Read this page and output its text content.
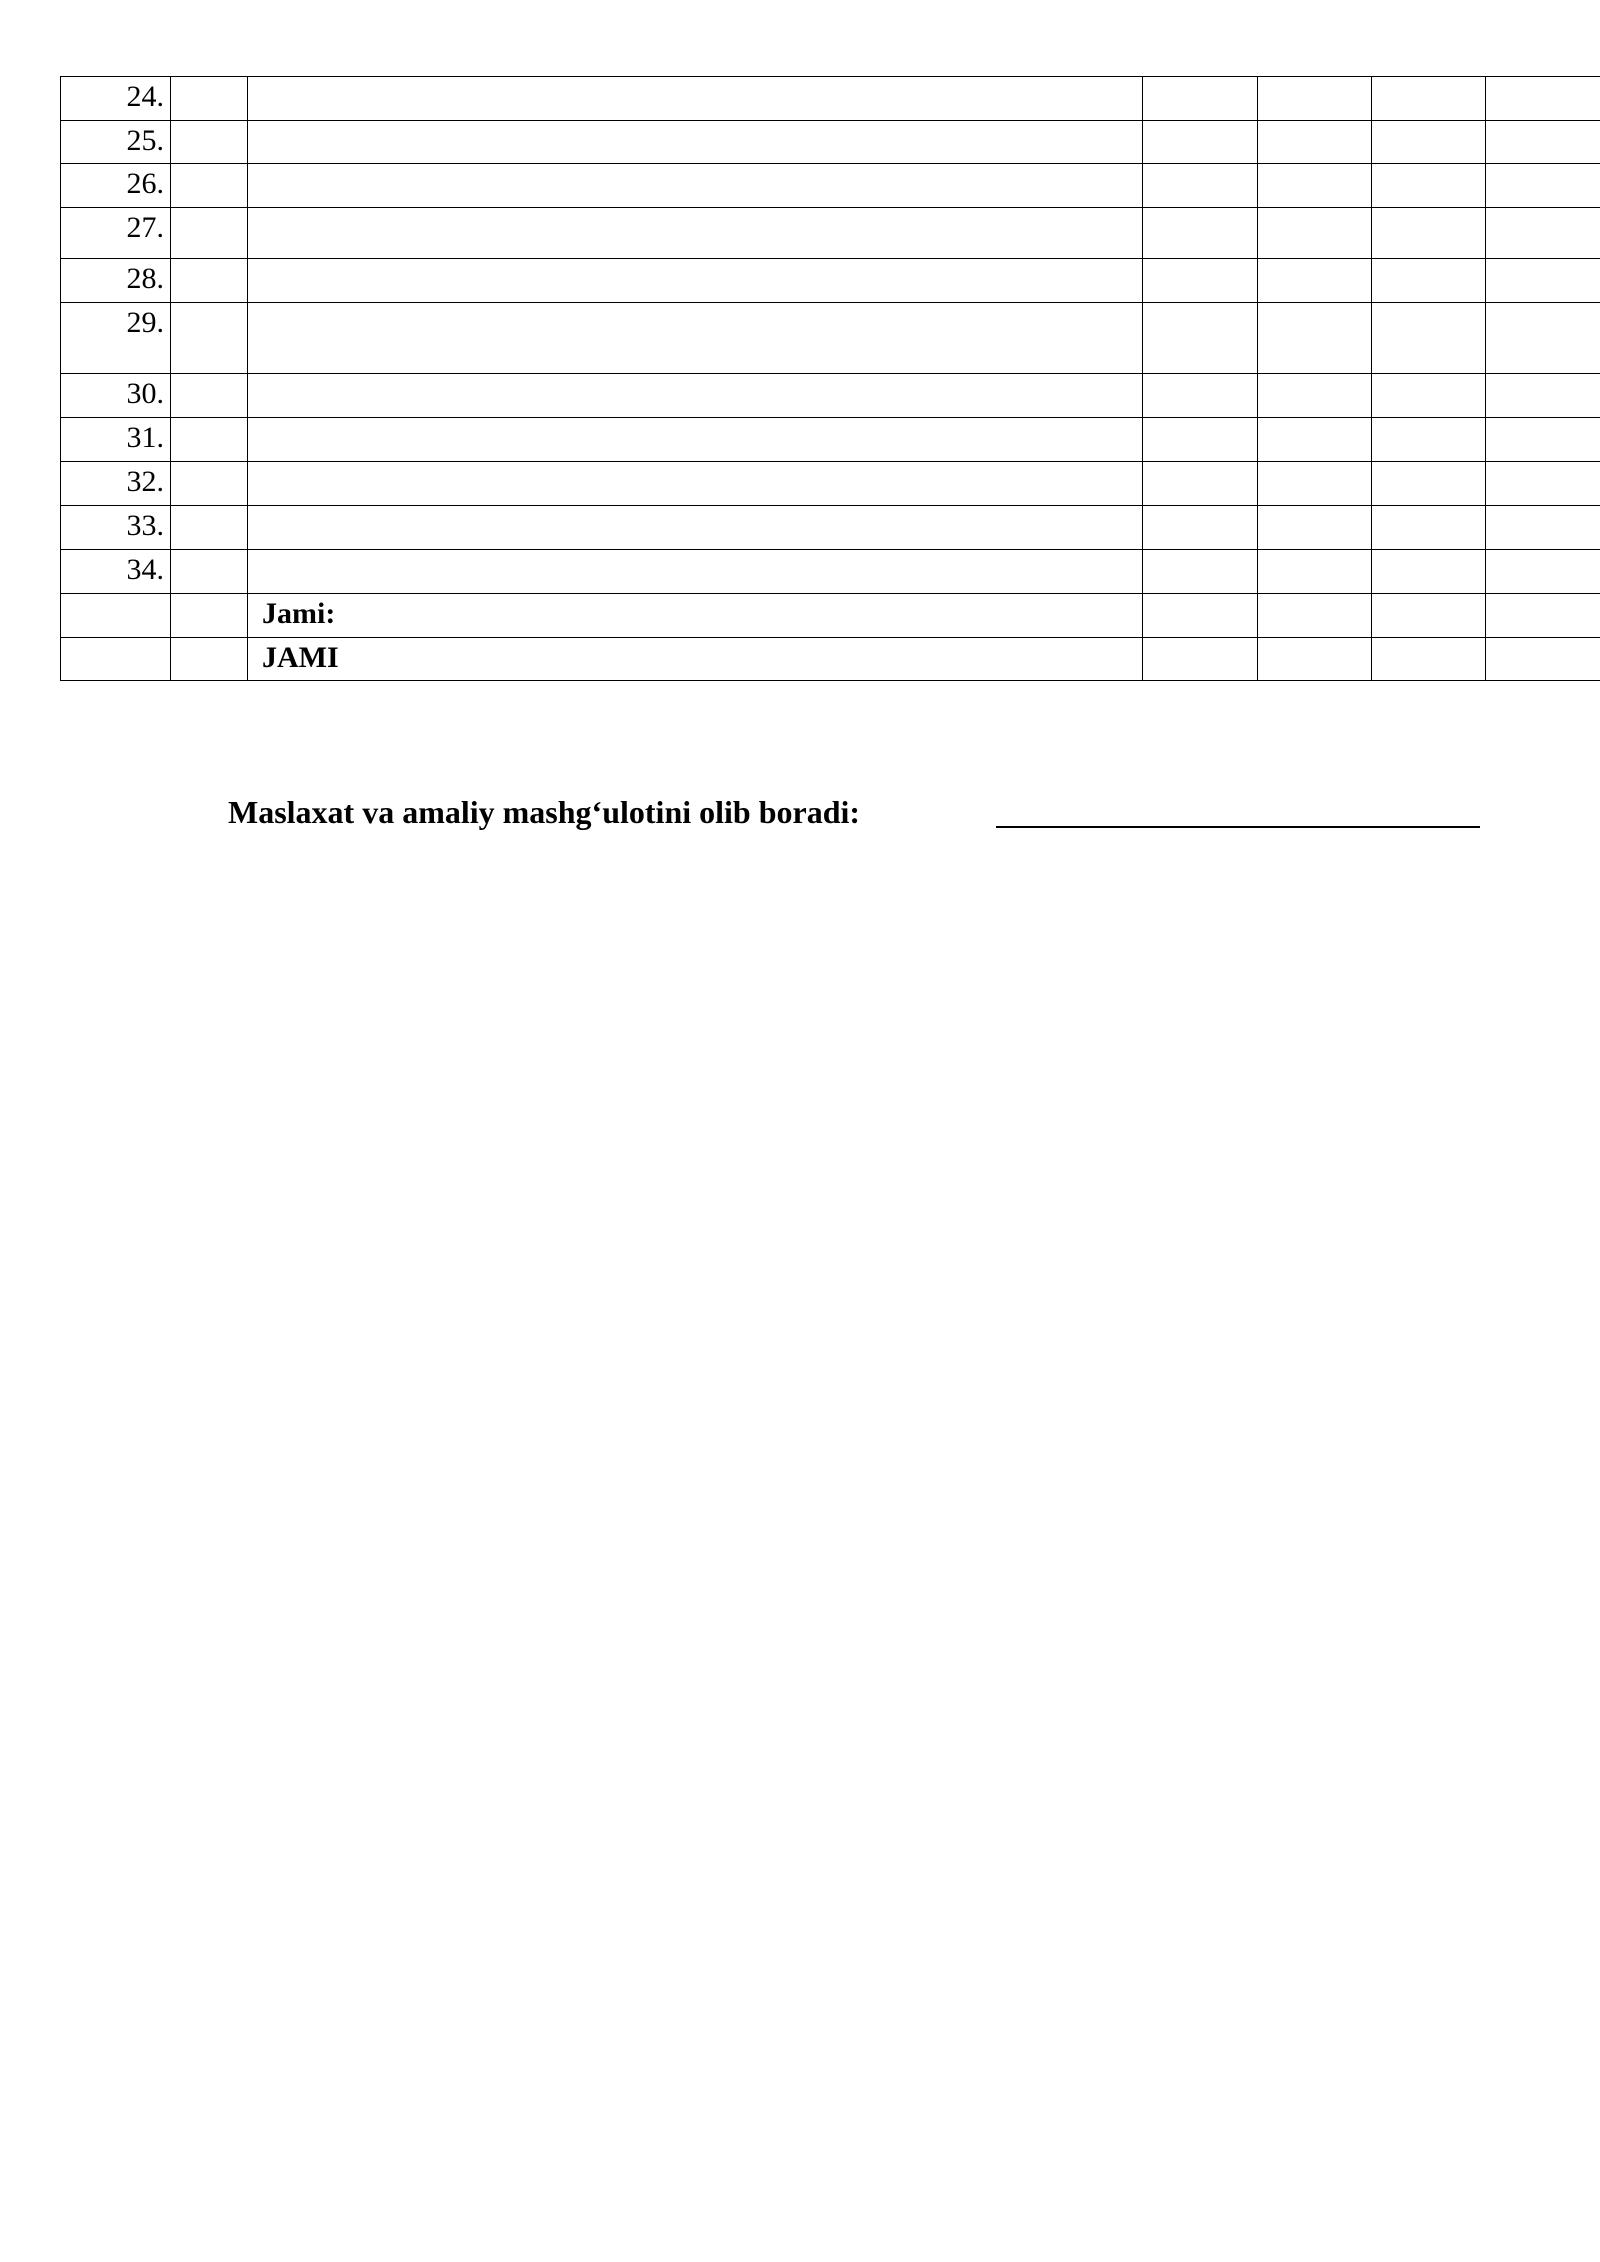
24.						
25.						
26.						
27.						
28.						
29.						
30.						
31.						
32.						
33.						
34.						
		Jami:				
		JAMI				
Maslaxat va amaliy mashg‘ulotini olib boradi:
